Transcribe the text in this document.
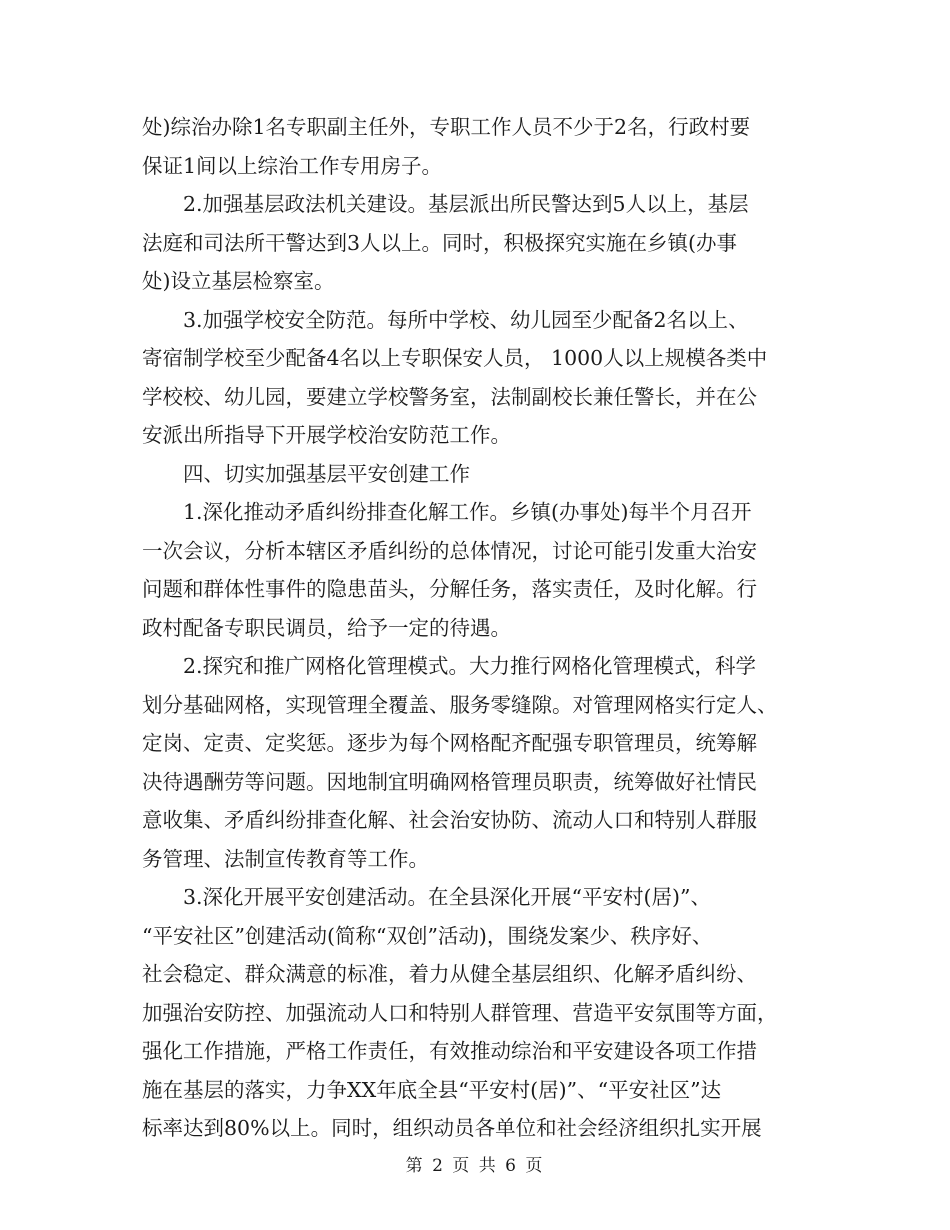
处)综治办除1名专职副主任外，专职工作人员不少于2名，行政村要
保证1间以上综治工作专用房子。
2.加强基层政法机关建设。基层派出所民警达到5人以上，基层
法庭和司法所干警达到3人以上。同时，积极探究实施在乡镇(办事
处)设立基层检察室。
3.加强学校安全防范。每所中学校、幼儿园至少配备2名以上、
寄宿制学校至少配备4名以上专职保安人员， 1000人以上规模各类中
学校校、幼儿园，要建立学校警务室，法制副校长兼任警长，并在公
安派出所指导下开展学校治安防范工作。
四、切实加强基层平安创建工作
1.深化推动矛盾纠纷排查化解工作。乡镇(办事处)每半个月召开
一次会议，分析本辖区矛盾纠纷的总体情况，讨论可能引发重大治安
问题和群体性事件的隐患苗头，分解任务，落实责任，及时化解。行
政村配备专职民调员，给予一定的待遇。
2.探究和推广网格化管理模式。大力推行网格化管理模式，科学
划分基础网格，实现管理全覆盖、服务零缝隙。对管理网格实行定人、
定岗、定责、定奖惩。逐步为每个网格配齐配强专职管理员，统筹解
决待遇酬劳等问题。因地制宜明确网格管理员职责，统筹做好社情民
意收集、矛盾纠纷排查化解、社会治安协防、流动人口和特别人群服
务管理、法制宣传教育等工作。
3.深化开展平安创建活动。在全县深化开展“平安村(居)”、
“平安社区”创建活动(简称“双创”活动)，围绕发案少、秩序好、
社会稳定、群众满意的标准，着力从健全基层组织、化解矛盾纠纷、
加强治安防控、加强流动人口和特别人群管理、营造平安氛围等方面，
强化工作措施，严格工作责任，有效推动综治和平安建设各项工作措
施在基层的落实，力争XX年底全县“平安村(居)”、“平安社区”达
标率达到80%以上。同时，组织动员各单位和社会经济组织扎实开展
第 2 页 共 6 页
